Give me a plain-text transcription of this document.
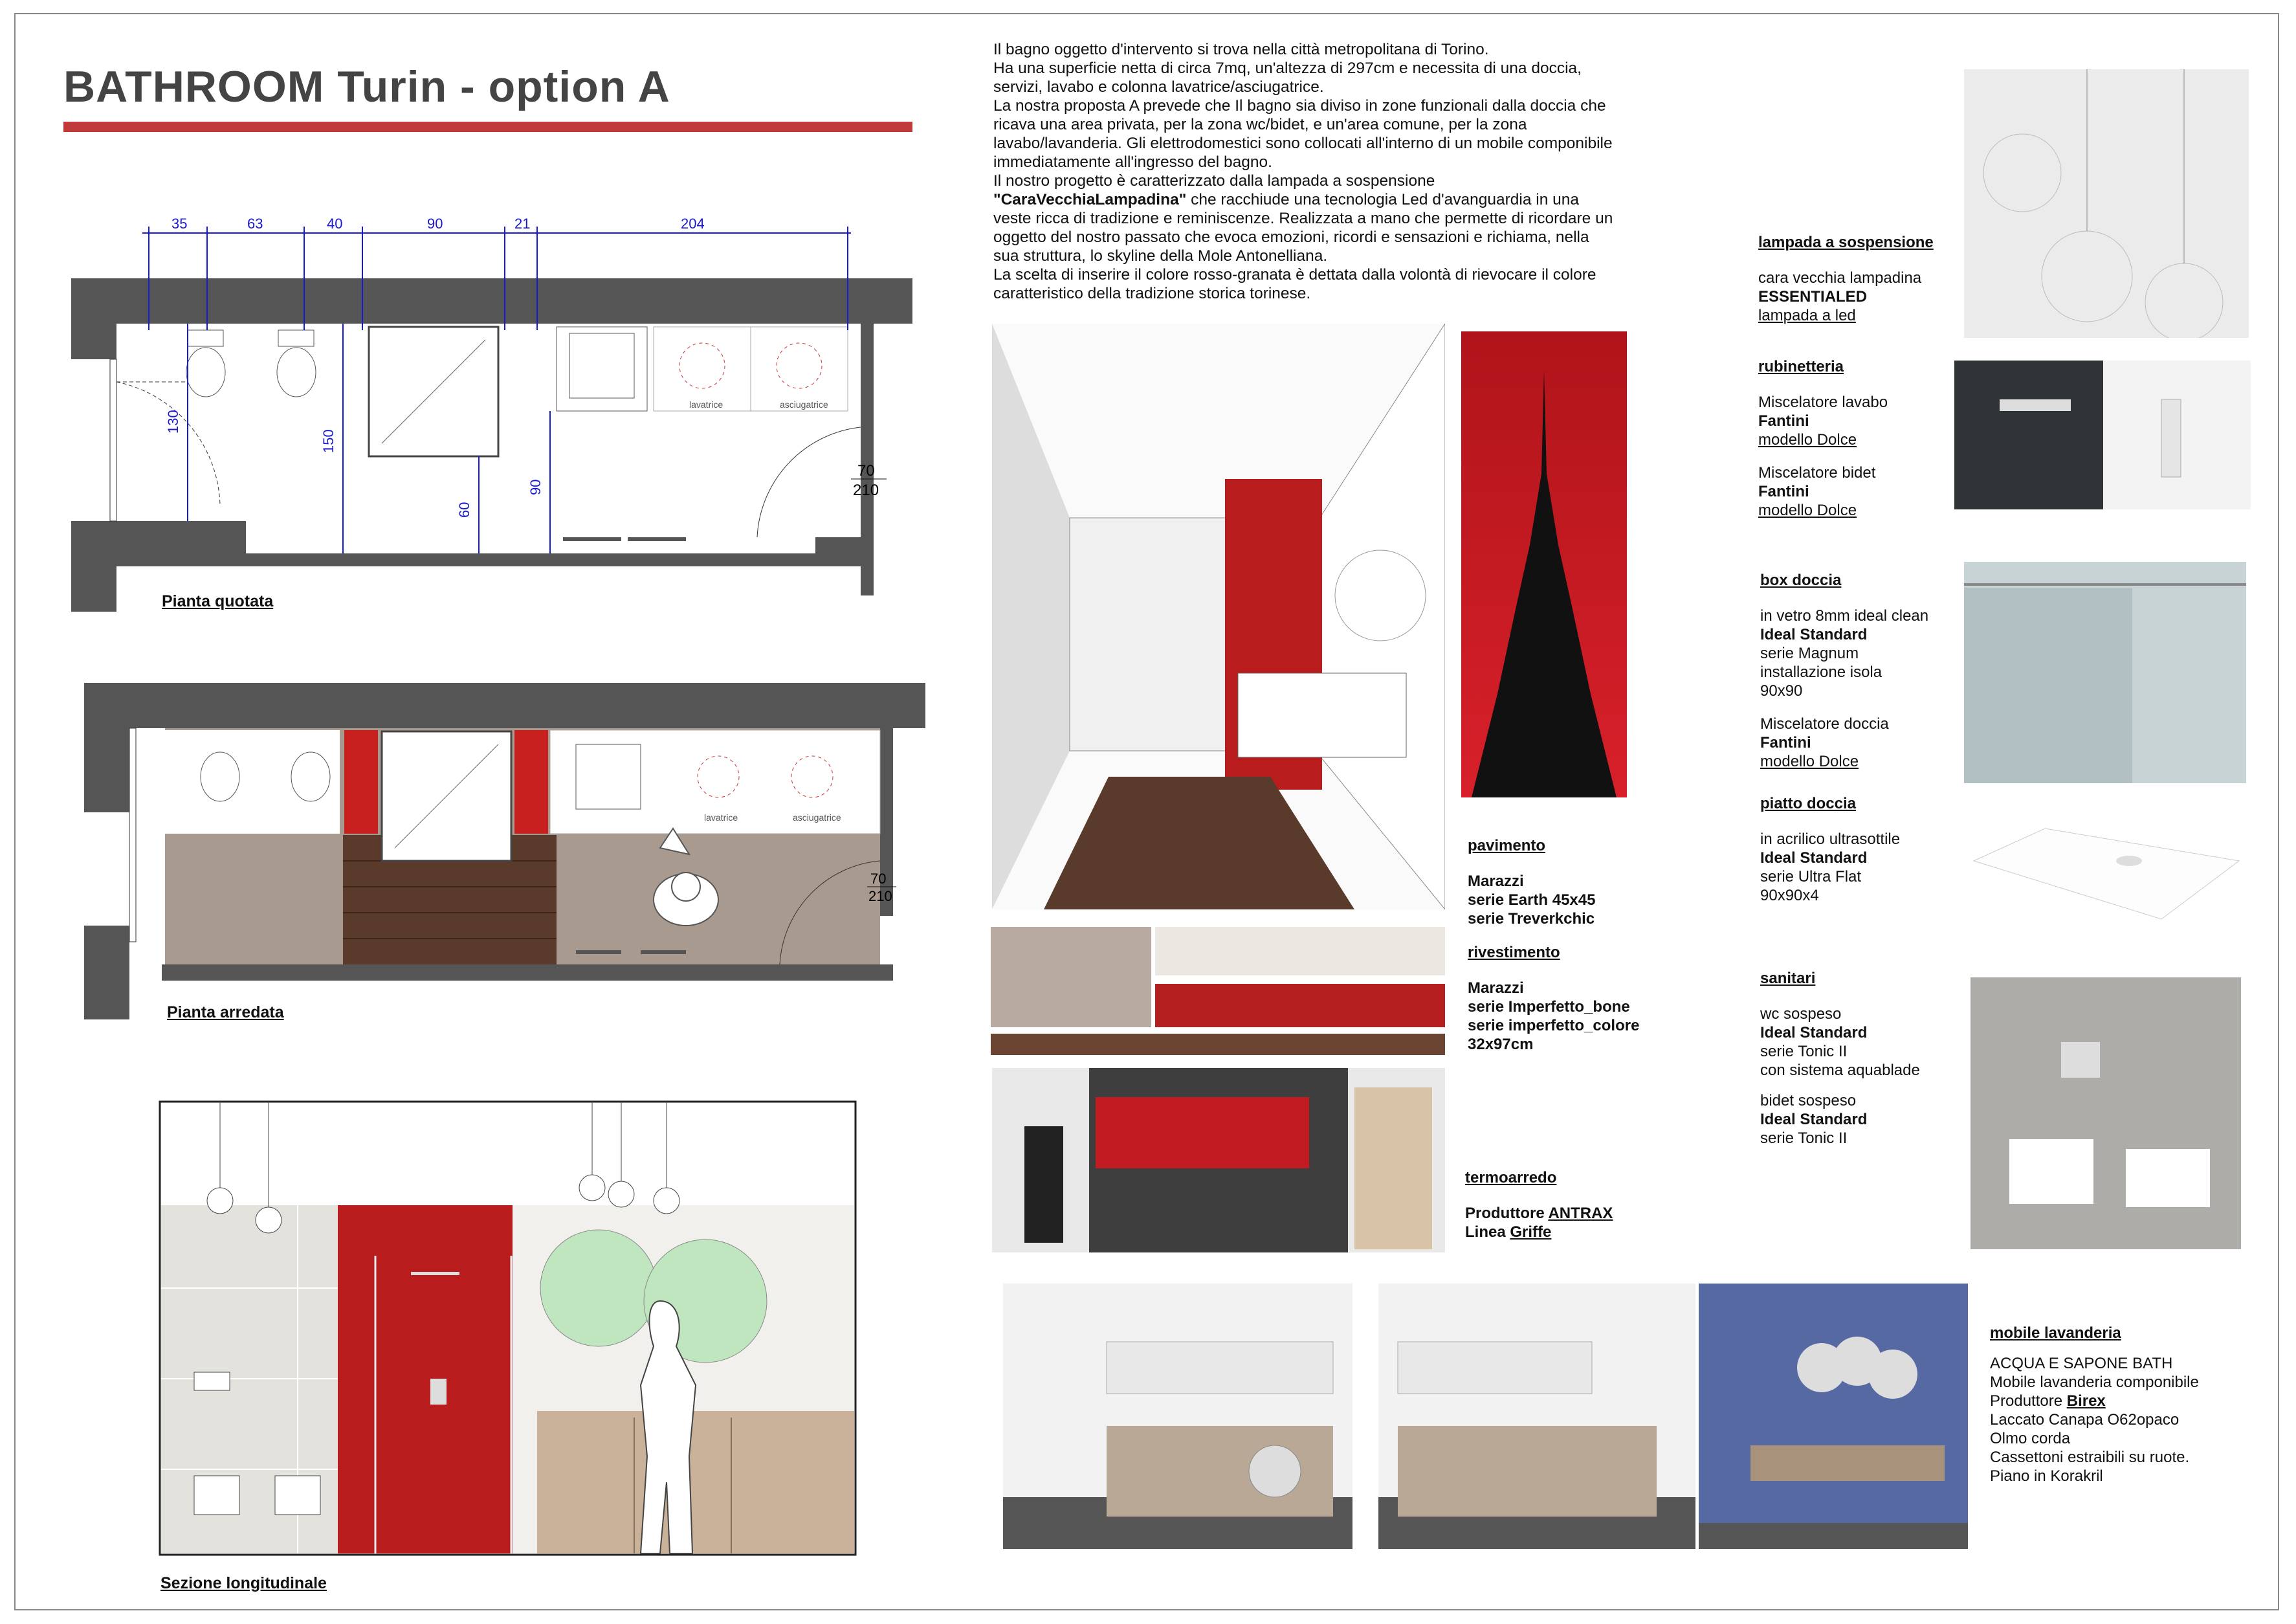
BATHROOM Turin - option A

Il bagno oggetto d'intervento si trova nella città metropolitana di Torino.

Ha una superficie netta di circa 7mq, un'altezza di 297cm e necessita di una doccia,

servizi, lavabo e colonna lavatrice/asciugatrice.

La nostra proposta A prevede che Il bagno sia diviso in zone funzionali dalla doccia che

ricava una area privata, per la zona wc/bidet, e un'area comune, per la zona

lavabo/lavanderia. Gli elettrodomestici sono collocati all'interno di un mobile componibile

immediatamente all'ingresso del bagno.

Il nostro progetto è caratterizzato dalla lampada a sospensione

"CaraVecchiaLampadina" che racchiude una tecnologia Led d'avanguardia in una

veste ricca di tradizione e reminiscenze. Realizzata a mano che permette di ricordare un

oggetto del nostro passato che evoca emozioni, ricordi e sensazioni e richiama, nella

sua struttura, lo skyline della Mole Antonelliana.

La scelta di inserire il colore rosso-granata è dettata dalla volontà di rievocare il colore

caratteristico della tradizione storica torinese.

lavatrice	asciugatrice
35	63	40	90	21	204
130
150
60
90
70
210
Pianta quotata
lavatrice	asciugatrice
70
210
Pianta arredata
Sezione longitudinale
lampada a sospensione
cara vecchia lampadina
ESSENTIALED
lampada a led
rubinetteria
Miscelatore lavabo
Fantini
modello Dolce
Miscelatore bidet
Fantini
modello Dolce
box doccia
in vetro 8mm ideal clean
Ideal Standard
serie Magnum
installazione isola
90x90
Miscelatore doccia
Fantini
modello Dolce
piatto doccia
in acrilico ultrasottile
Ideal Standard
serie Ultra Flat
90x90x4
sanitari
wc sospeso
Ideal Standard
serie Tonic II
con sistema aquablade
bidet sospeso
Ideal Standard
serie Tonic II
pavimento
Marazzi
serie Earth 45x45
serie Treverkchic
rivestimento
Marazzi
serie Imperfetto_bone
serie imperfetto_colore
32x97cm
termoarredo
Produttore ANTRAX
Linea Griffe
mobile lavanderia
ACQUA E SAPONE BATH
Mobile lavanderia componibile
Produttore Birex
Laccato Canapa O62opaco
Olmo corda
Cassettoni estraibili su ruote.
Piano in Korakril
